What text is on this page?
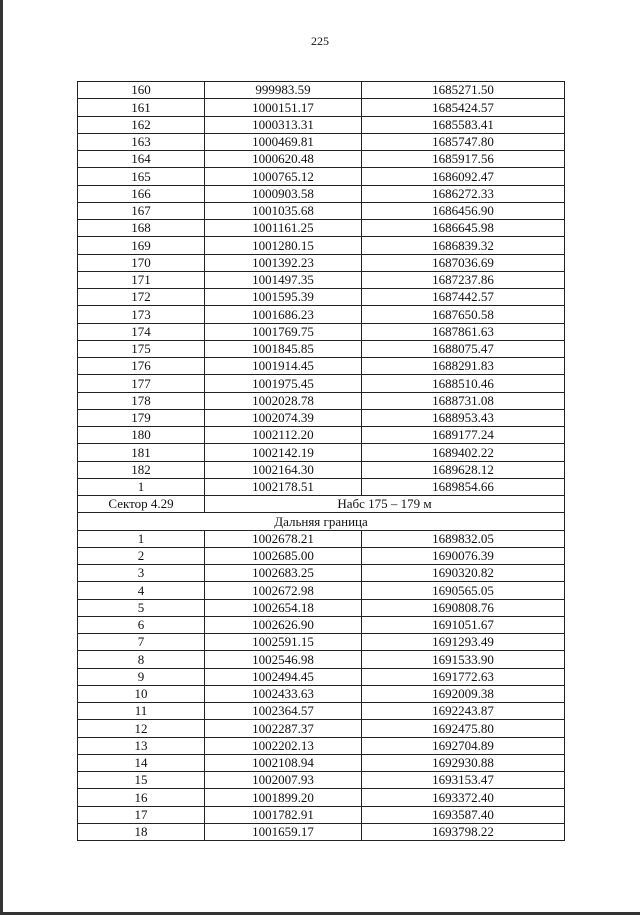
225
160	999983.59	1685271.50
161	1000151.17	1685424.57
162	1000313.31	1685583.41
163	1000469.81	1685747.80
164	1000620.48	1685917.56
165	1000765.12	1686092.47
166	1000903.58	1686272.33
167	1001035.68	1686456.90
168	1001161.25	1686645.98
169	1001280.15	1686839.32
170	1001392.23	1687036.69
171	1001497.35	1687237.86
172	1001595.39	1687442.57
173	1001686.23	1687650.58
174	1001769.75	1687861.63
175	1001845.85	1688075.47
176	1001914.45	1688291.83
177	1001975.45	1688510.46
178	1002028.78	1688731.08
179	1002074.39	1688953.43
180	1002112.20	1689177.24
181	1002142.19	1689402.22
182	1002164.30	1689628.12
1	1002178.51	1689854.66
Сектор 4.29	Набс 175 – 179 м	
Дальняя граница		
1	1002678.21	1689832.05
2	1002685.00	1690076.39
3	1002683.25	1690320.82
4	1002672.98	1690565.05
5	1002654.18	1690808.76
6	1002626.90	1691051.67
7	1002591.15	1691293.49
8	1002546.98	1691533.90
9	1002494.45	1691772.63
10	1002433.63	1692009.38
11	1002364.57	1692243.87
12	1002287.37	1692475.80
13	1002202.13	1692704.89
14	1002108.94	1692930.88
15	1002007.93	1693153.47
16	1001899.20	1693372.40
17	1001782.91	1693587.40
18	1001659.17	1693798.22
